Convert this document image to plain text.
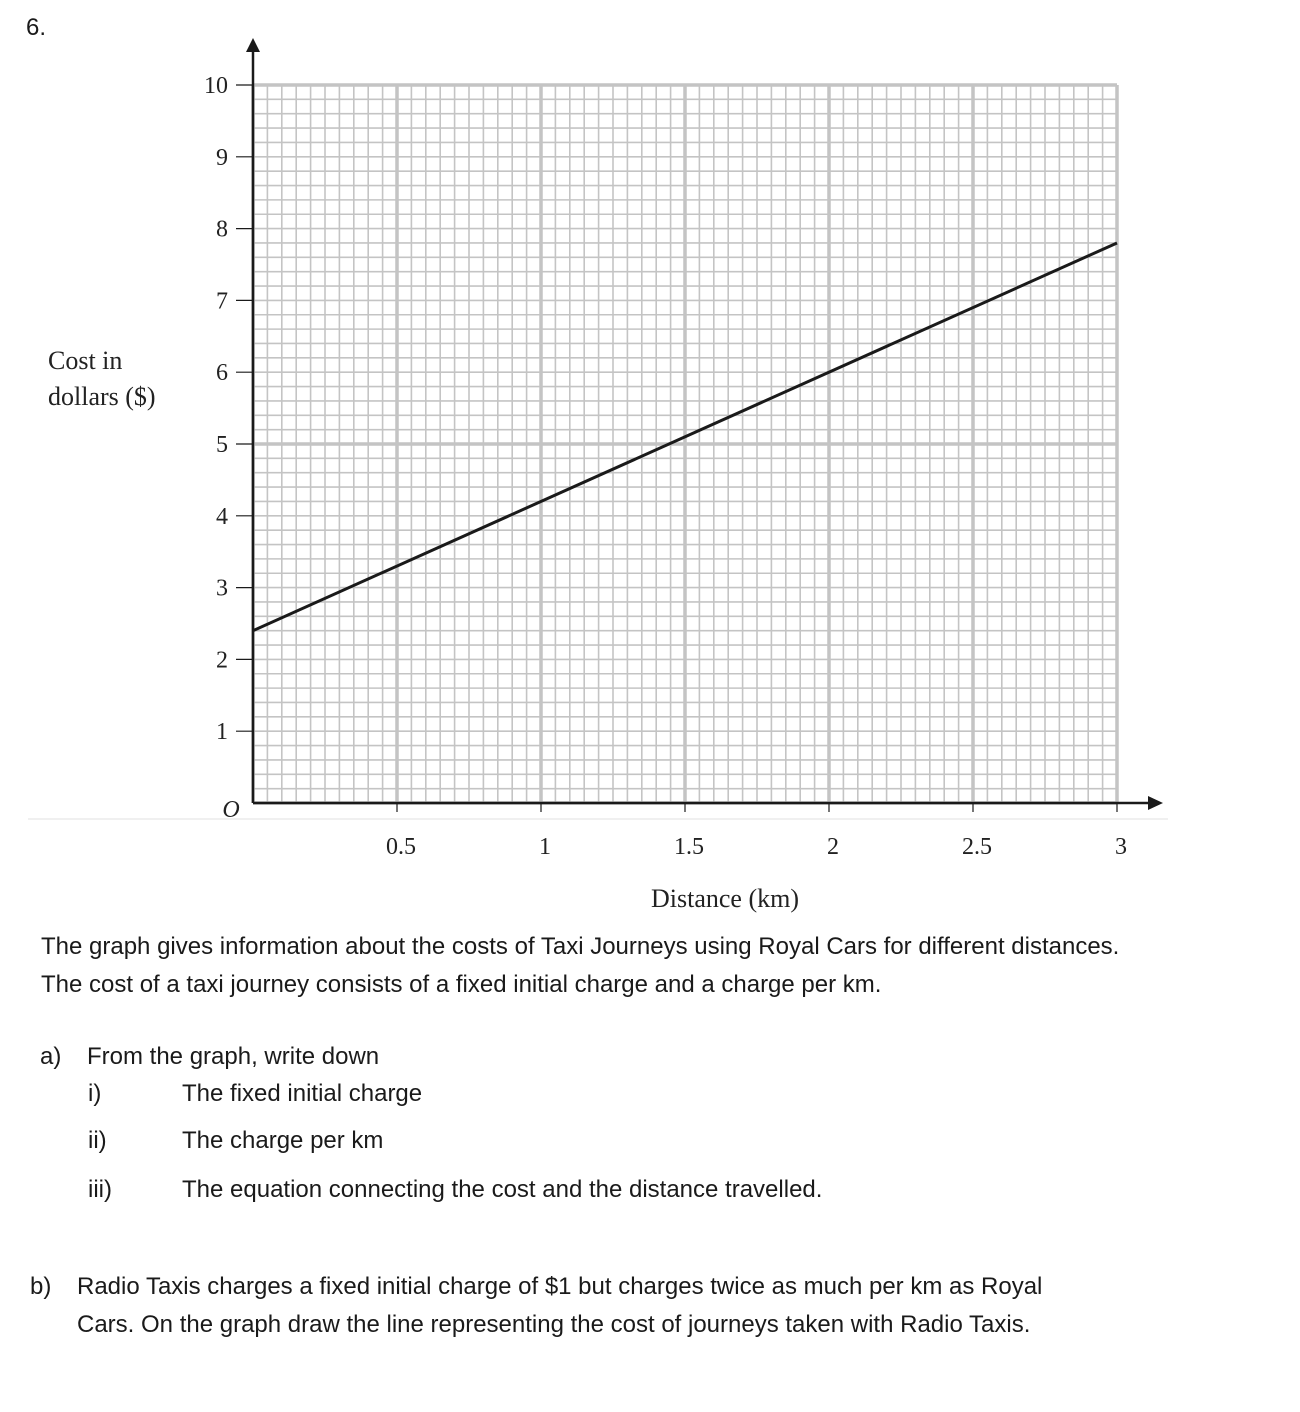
6.
1
2
3
4
5
6
7
8
9
10
0.5	1	1.5	2	2.5	3
Cost in
dollars ($)
Distance (km)
O
The graph gives information about the costs of Taxi Journeys using Royal Cars for different distances. The cost of a taxi journey consists of a fixed initial charge and a charge per km.
a) From the graph, write down
i)	The fixed initial charge
ii)	The charge per km
iii)	The equation connecting the cost and the distance travelled.
b) Radio Taxis charges a fixed initial charge of $1 but charges twice as much per km as Royal Cars. On the graph draw the line representing the cost of journeys taken with Radio Taxis.
